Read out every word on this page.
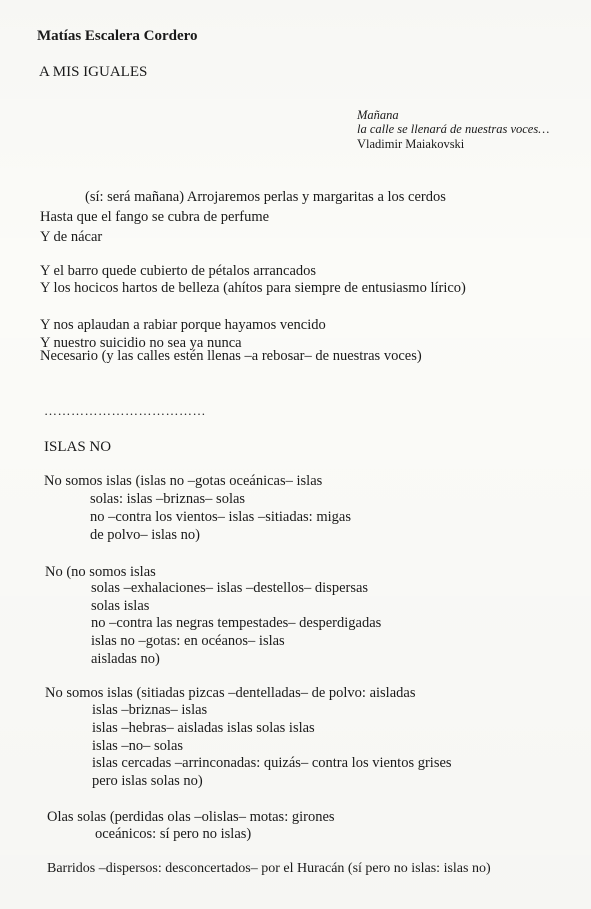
Matías Escalera Cordero
A MIS IGUALES
Mañana
la calle se llenará de nuestras voces…
Vladimir Maiakovski
(sí: será mañana) Arrojaremos perlas y margaritas a los cerdos
Hasta que el fango se cubra de perfume
Y de nácar
Y el barro quede cubierto de pétalos arrancados
Y los hocicos hartos de belleza (ahítos para siempre de entusiasmo lírico)
Y nos aplaudan a rabiar porque hayamos vencido
Y nuestro suicidio no sea ya nunca
Necesario (y las calles estén llenas –a rebosar– de nuestras voces)
………………………………
ISLAS NO
No somos islas (islas no –gotas oceánicas– islas
solas: islas –briznas– solas
no –contra los vientos– islas –sitiadas: migas
de polvo– islas no)
No (no somos islas
solas –exhalaciones– islas –destellos– dispersas
solas islas
no –contra las negras tempestades– desperdigadas
islas no –gotas: en océanos– islas
aisladas no)
No somos islas (sitiadas pizcas –dentelladas– de polvo: aisladas
islas –briznas– islas
islas –hebras– aisladas islas solas islas
islas –no– solas
islas cercadas –arrinconadas: quizás– contra los vientos grises
pero islas solas no)
Olas solas (perdidas olas –olislas– motas: girones
oceánicos: sí pero no islas)
Barridos –dispersos: desconcertados– por el Huracán (sí pero no islas: islas no)
